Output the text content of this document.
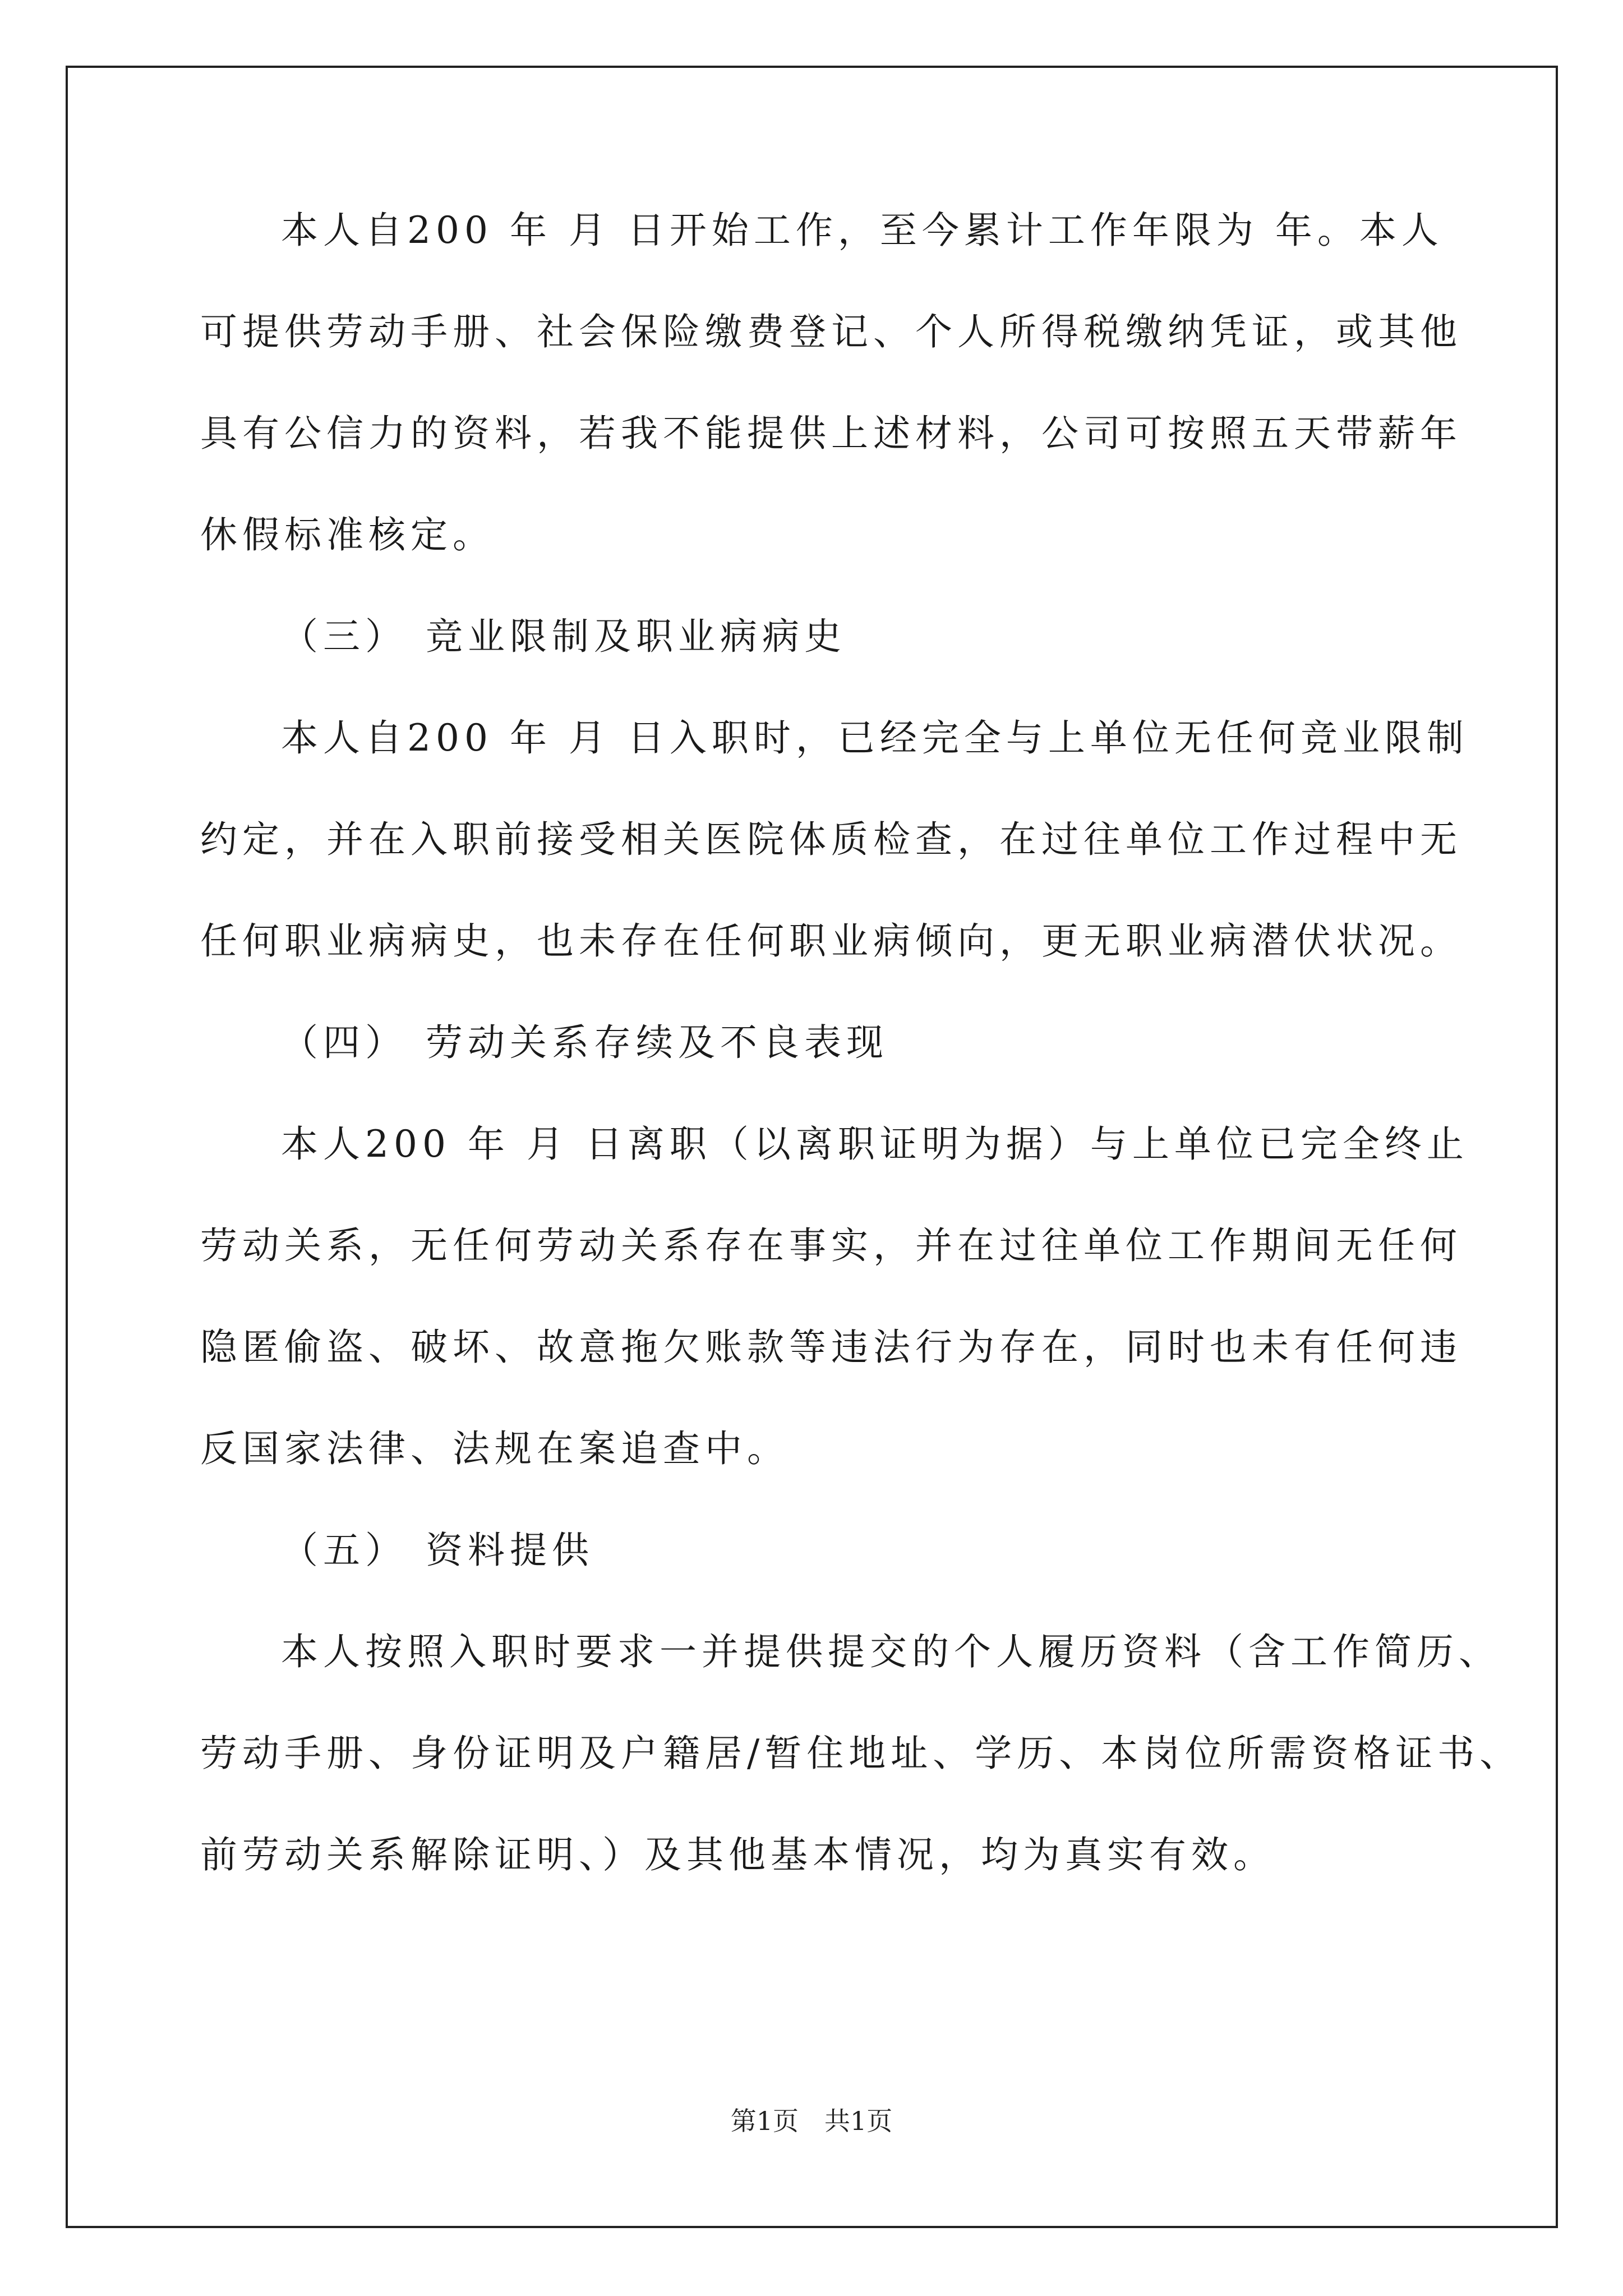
本人自200 年 月 日开始工作，至今累计工作年限为 年。本人

可提供劳动手册、社会保险缴费登记、个人所得税缴纳凭证，或其他

具有公信力的资料，若我不能提供上述材料，公司可按照五天带薪年

休假标准核定。

（三） 竞业限制及职业病病史

本人自200 年 月 日入职时，已经完全与上单位无任何竞业限制

约定，并在入职前接受相关医院体质检查，在过往单位工作过程中无

任何职业病病史，也未存在任何职业病倾向，更无职业病潜伏状况。

（四） 劳动关系存续及不良表现

本人200 年 月 日离职（以离职证明为据）与上单位已完全终止

劳动关系，无任何劳动关系存在事实，并在过往单位工作期间无任何

隐匿偷盗、破坏、故意拖欠账款等违法行为存在，同时也未有任何违

反国家法律、法规在案追查中。

（五） 资料提供

本人按照入职时要求一并提供提交的个人履历资料（含工作简历、

劳动手册、身份证明及户籍居/暂住地址、学历、本岗位所需资格证书、

前劳动关系解除证明、）及其他基本情况，均为真实有效。

第1页　共1页
